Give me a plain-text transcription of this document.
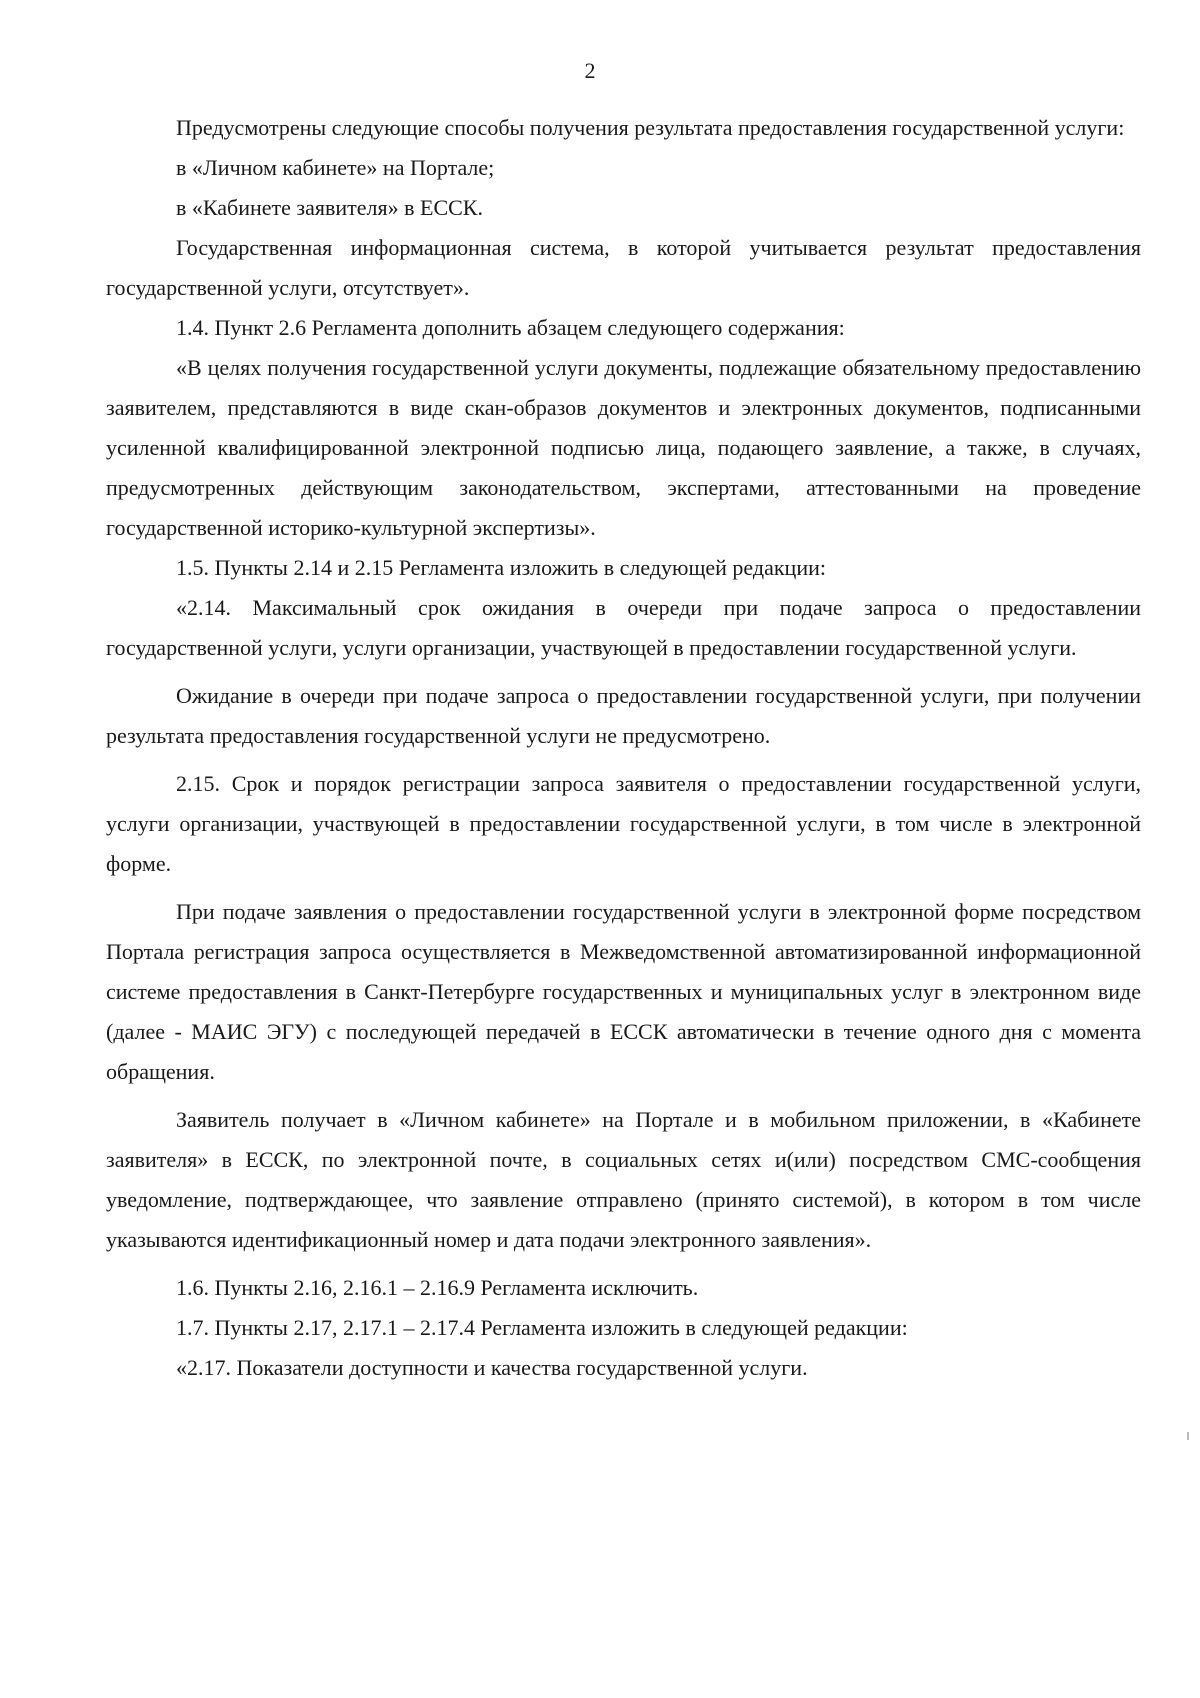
2

Предусмотрены следующие способы получения результата предоставления государственной услуги:

в «Личном кабинете» на Портале;

в «Кабинете заявителя» в ЕССК.

Государственная информационная система, в которой учитывается результат предоставления государственной услуги, отсутствует».

1.4. Пункт 2.6 Регламента дополнить абзацем следующего содержания:

«В целях получения государственной услуги документы, подлежащие обязательному предоставлению заявителем, представляются в виде скан-образов документов и электронных документов, подписанными усиленной квалифицированной электронной подписью лица, подающего заявление, а также, в случаях, предусмотренных действующим законодательством, экспертами, аттестованными на проведение государственной историко-культурной экспертизы».

1.5. Пункты 2.14 и 2.15 Регламента изложить в следующей редакции:

«2.14. Максимальный срок ожидания в очереди при подаче запроса о предоставлении государственной услуги, услуги организации, участвующей в предоставлении государственной услуги.

Ожидание в очереди при подаче запроса о предоставлении государственной услуги, при получении результата предоставления государственной услуги не предусмотрено.

2.15. Срок и порядок регистрации запроса заявителя о предоставлении государственной услуги, услуги организации, участвующей в предоставлении государственной услуги, в том числе в электронной форме.

При подаче заявления о предоставлении государственной услуги в электронной форме посредством Портала регистрация запроса осуществляется в Межведомственной автоматизированной информационной системе предоставления в Санкт-Петербурге государственных и муниципальных услуг в электронном виде (далее - МАИС ЭГУ) с последующей передачей в ЕССК автоматически в течение одного дня с момента обращения.

Заявитель получает в «Личном кабинете» на Портале и в мобильном приложении, в «Кабинете заявителя» в ЕССК, по электронной почте, в социальных сетях и(или) посредством СМС-сообщения уведомление, подтверждающее, что заявление отправлено (принято системой), в котором в том числе указываются идентификационный номер и дата подачи электронного заявления».

1.6. Пункты 2.16, 2.16.1 – 2.16.9 Регламента исключить.

1.7. Пункты 2.17, 2.17.1 – 2.17.4 Регламента изложить в следующей редакции:

«2.17. Показатели доступности и качества государственной услуги.
